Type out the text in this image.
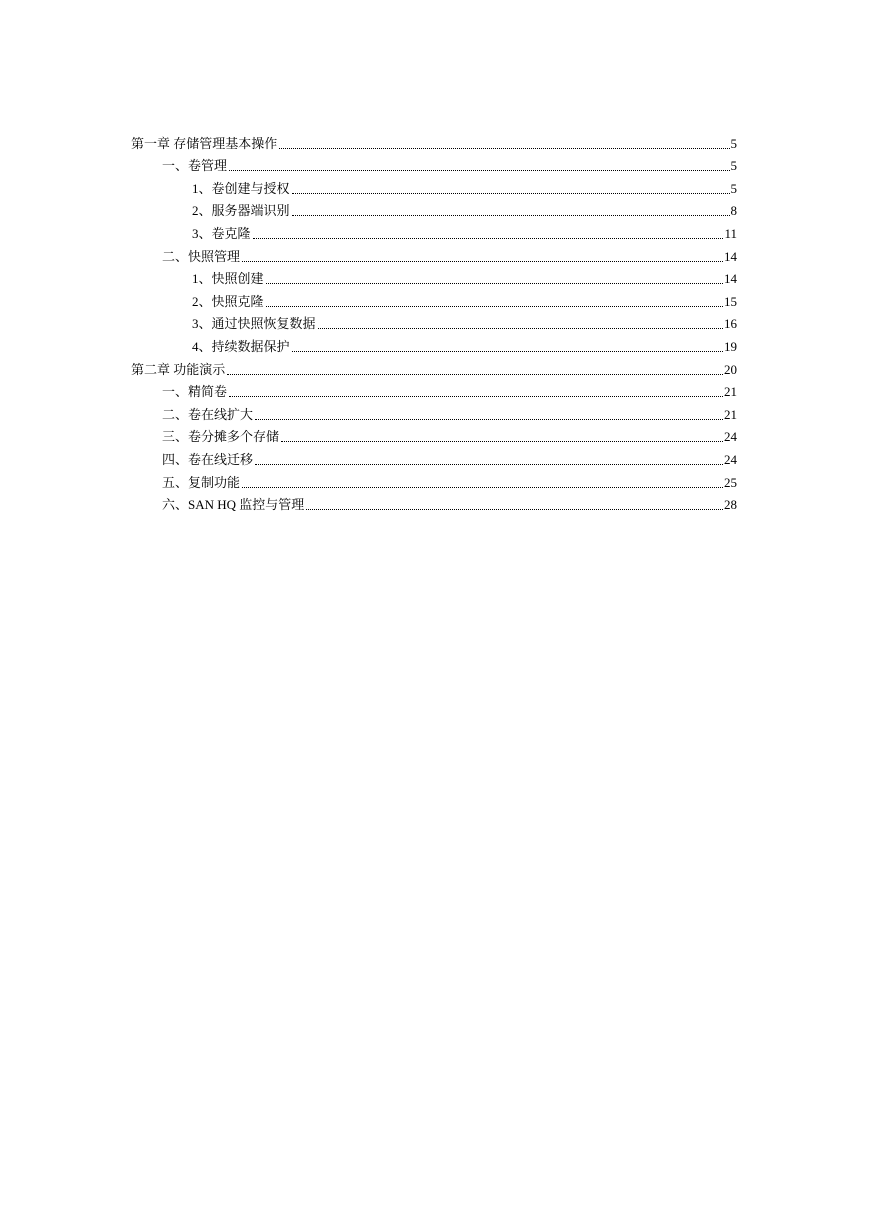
第一章 存储管理基本操作	5
一、卷管理	5
1、卷创建与授权	5
2、服务器端识别	8
3、卷克隆	11
二、快照管理	14
1、快照创建	14
2、快照克隆	15
3、通过快照恢复数据	16
4、持续数据保护	19
第二章 功能演示	20
一、精简卷	21
二、卷在线扩大	21
三、卷分摊多个存储	24
四、卷在线迁移	24
五、复制功能	25
六、SAN HQ 监控与管理	28
